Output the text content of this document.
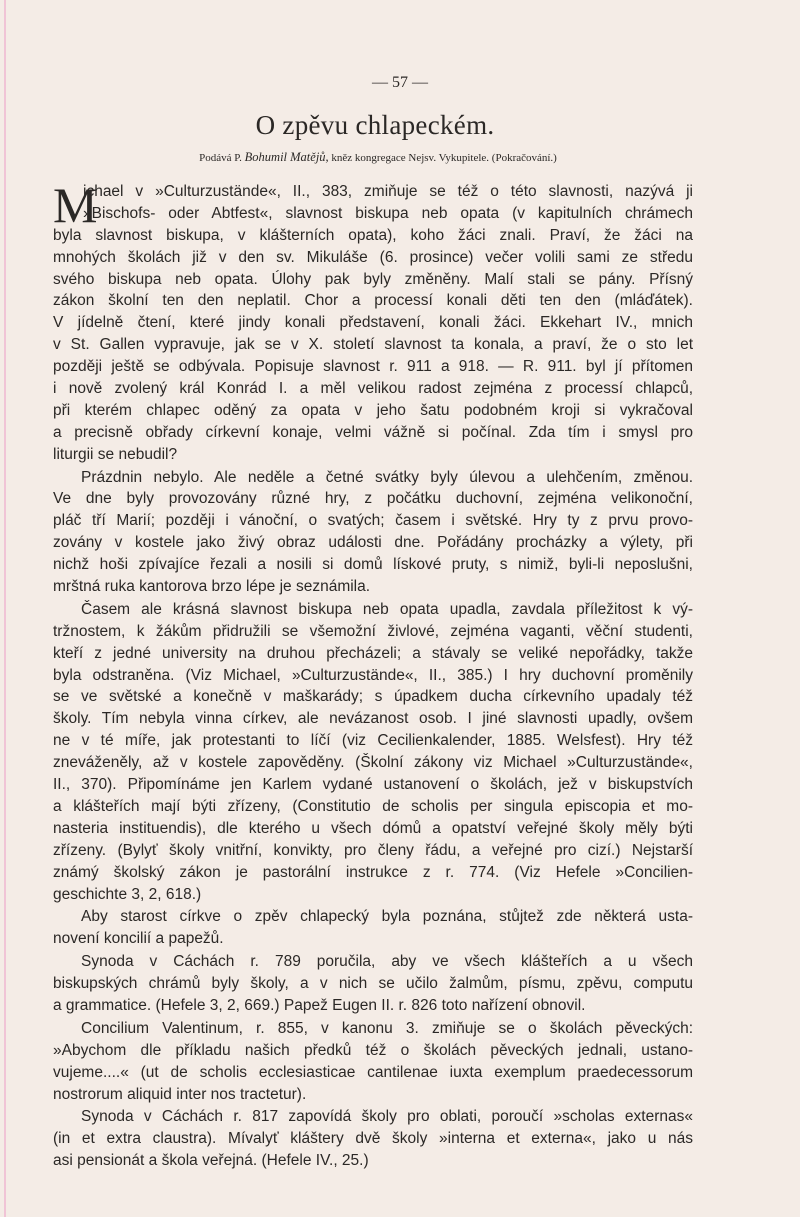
— 57 —
O zpěvu chlapeckém.
Podává P. Bohumil Matějů, kněz kongregace Nejsv. Vykupitele. (Pokračování.)
M
ichael v »Culturzustände«, II., 383, zmiňuje se též o této slavnosti, nazývá ji
»Bischofs- oder Abtfest«, slavnost biskupa neb opata (v kapitulních chrámech
byla slavnost biskupa, v klášterních opata), koho žáci znali. Praví, že žáci na
mnohých školách již v den sv. Mikuláše (6. prosince) večer volili sami ze středu
svého biskupa neb opata. Úlohy pak byly změněny. Malí stali se pány. Přísný
zákon školní ten den neplatil. Chor a processí konali děti ten den (mláďátek).
V jídelně čtení, které jindy konali představení, konali žáci. Ekkehart IV., mnich
v St. Gallen vypravuje, jak se v X. století slavnost ta konala, a praví, že o sto let
později ještě se odbývala. Popisuje slavnost r. 911 a 918. — R. 911. byl jí přítomen
i nově zvolený král Konrád I. a měl velikou radost zejména z processí chlapců,
při kterém chlapec oděný za opata v jeho šatu podobném kroji si vykračoval
a precisně obřady církevní konaje, velmi vážně si počínal. Zda tím i smysl pro
liturgii se nebudil?
Prázdnin nebylo. Ale neděle a četné svátky byly úlevou a ulehčením, změnou.
Ve dne byly provozovány různé hry, z počátku duchovní, zejména velikonoční,
pláč tří Marií; později i vánoční, o svatých; časem i světské. Hry ty z prvu provo-
zovány v kostele jako živý obraz události dne. Pořádány procházky a výlety, při
nichž hoši zpívajíce řezali a nosili si domů lískové pruty, s nimiž, byli-li neposlušni,
mrštná ruka kantorova brzo lépe je seznámila.
Časem ale krásná slavnost biskupa neb opata upadla, zavdala příležitost k vý-
tržnostem, k žákům přidružili se všemožní živlové, zejména vaganti, věční studenti,
kteří z jedné university na druhou přecházeli; a stávaly se veliké nepořádky, takže
byla odstraněna. (Viz Michael, »Culturzustände«, II., 385.) I hry duchovní proměnily
se ve světské a konečně v maškarády; s úpadkem ducha církevního upadaly též
školy. Tím nebyla vinna církev, ale nevázanost osob. I jiné slavnosti upadly, ovšem
ne v té míře, jak protestanti to líčí (viz Cecilienkalender, 1885. Welsfest). Hry též
zneváženěly, až v kostele zapověděny. (Školní zákony viz Michael »Culturzustände«,
II., 370). Připomínáme jen Karlem vydané ustanovení o školách, jež v biskupstvích
a klášteřích mají býti zřízeny, (Constitutio de scholis per singula episcopia et mo-
nasteria instituendis), dle kterého u všech dómů a opatství veřejné školy měly býti
zřízeny. (Bylyť školy vnitřní, konvikty, pro členy řádu, a veřejné pro cizí.) Nejstarší
známý školský zákon je pastorální instrukce z r. 774. (Viz Hefele »Concilien-
geschichte 3, 2, 618.)
Aby starost církve o zpěv chlapecký byla poznána, stůjtež zde některá usta-
novení koncilií a papežů.
Synoda v Cáchách r. 789 poručila, aby ve všech klášteřích a u všech
biskupských chrámů byly školy, a v nich se učilo žalmům, písmu, zpěvu, computu
a grammatice. (Hefele 3, 2, 669.) Papež Eugen II. r. 826 toto nařízení obnovil.
Concilium Valentinum, r. 855, v kanonu 3. zmiňuje se o školách pěveckých:
»Abychom dle příkladu našich předků též o školách pěveckých jednali, ustano-
vujeme....« (ut de scholis ecclesiasticae cantilenae iuxta exemplum praedecessorum
nostrorum aliquid inter nos tractetur).
Synoda v Cáchách r. 817 zapovídá školy pro oblati, poroučí »scholas externas«
(in et extra claustra). Mívalyť kláštery dvě školy »interna et externa«, jako u nás
asi pensionát a škola veřejná. (Hefele IV., 25.)
